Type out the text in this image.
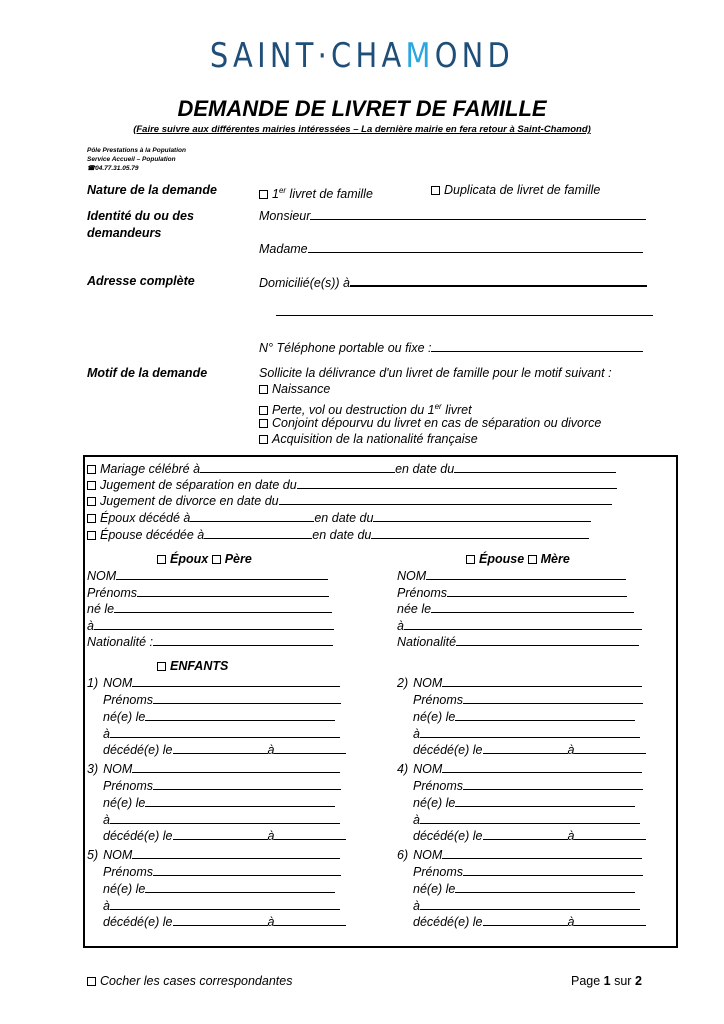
SAINT·CHAMOND
DEMANDE DE LIVRET DE FAMILLE
(Faire suivre aux différentes mairies intéressées – La dernière mairie en fera retour à Saint-Chamond)
Pôle Prestations à la Population
Service Accueil – Population
☎04.77.31.05.79
Nature de la demande	1er livret de famille	Duplicata de livret de famille
Identité du ou des demandeurs
Monsieur
Madame
Adresse complète	Domicilié(e(s)) à
N° Téléphone portable ou fixe :
Motif de la demande	Sollicite la délivrance d'un livret de famille pour le motif suivant :
Naissance
Perte, vol ou destruction du 1er livret
Conjoint dépourvu du livret en cas de séparation ou divorce
Acquisition de la nationalité française
Mariage célébré à	en date du
Jugement de séparation en date du
Jugement de divorce en date du
Époux décédé à	en date du
Épouse décédée à	en date du
Époux Père	Épouse Mère
NOM	NOM
Prénoms	Prénoms
né le	née le
à	à
Nationalité :	Nationalité
ENFANTS
1) NOM
Prénoms
né(e) le
à
décédé(e) le	à
2) NOM
Prénoms
né(e) le
à
décédé(e) le	à
3) NOM
Prénoms
né(e) le
à
décédé(e) le	à
4) NOM
Prénoms
né(e) le
à
décédé(e) le	à
5) NOM
Prénoms
né(e) le
à
décédé(e) le	à
6) NOM
Prénoms
né(e) le
à
décédé(e) le	à
Cocher les cases correspondantes	Page 1 sur 2
